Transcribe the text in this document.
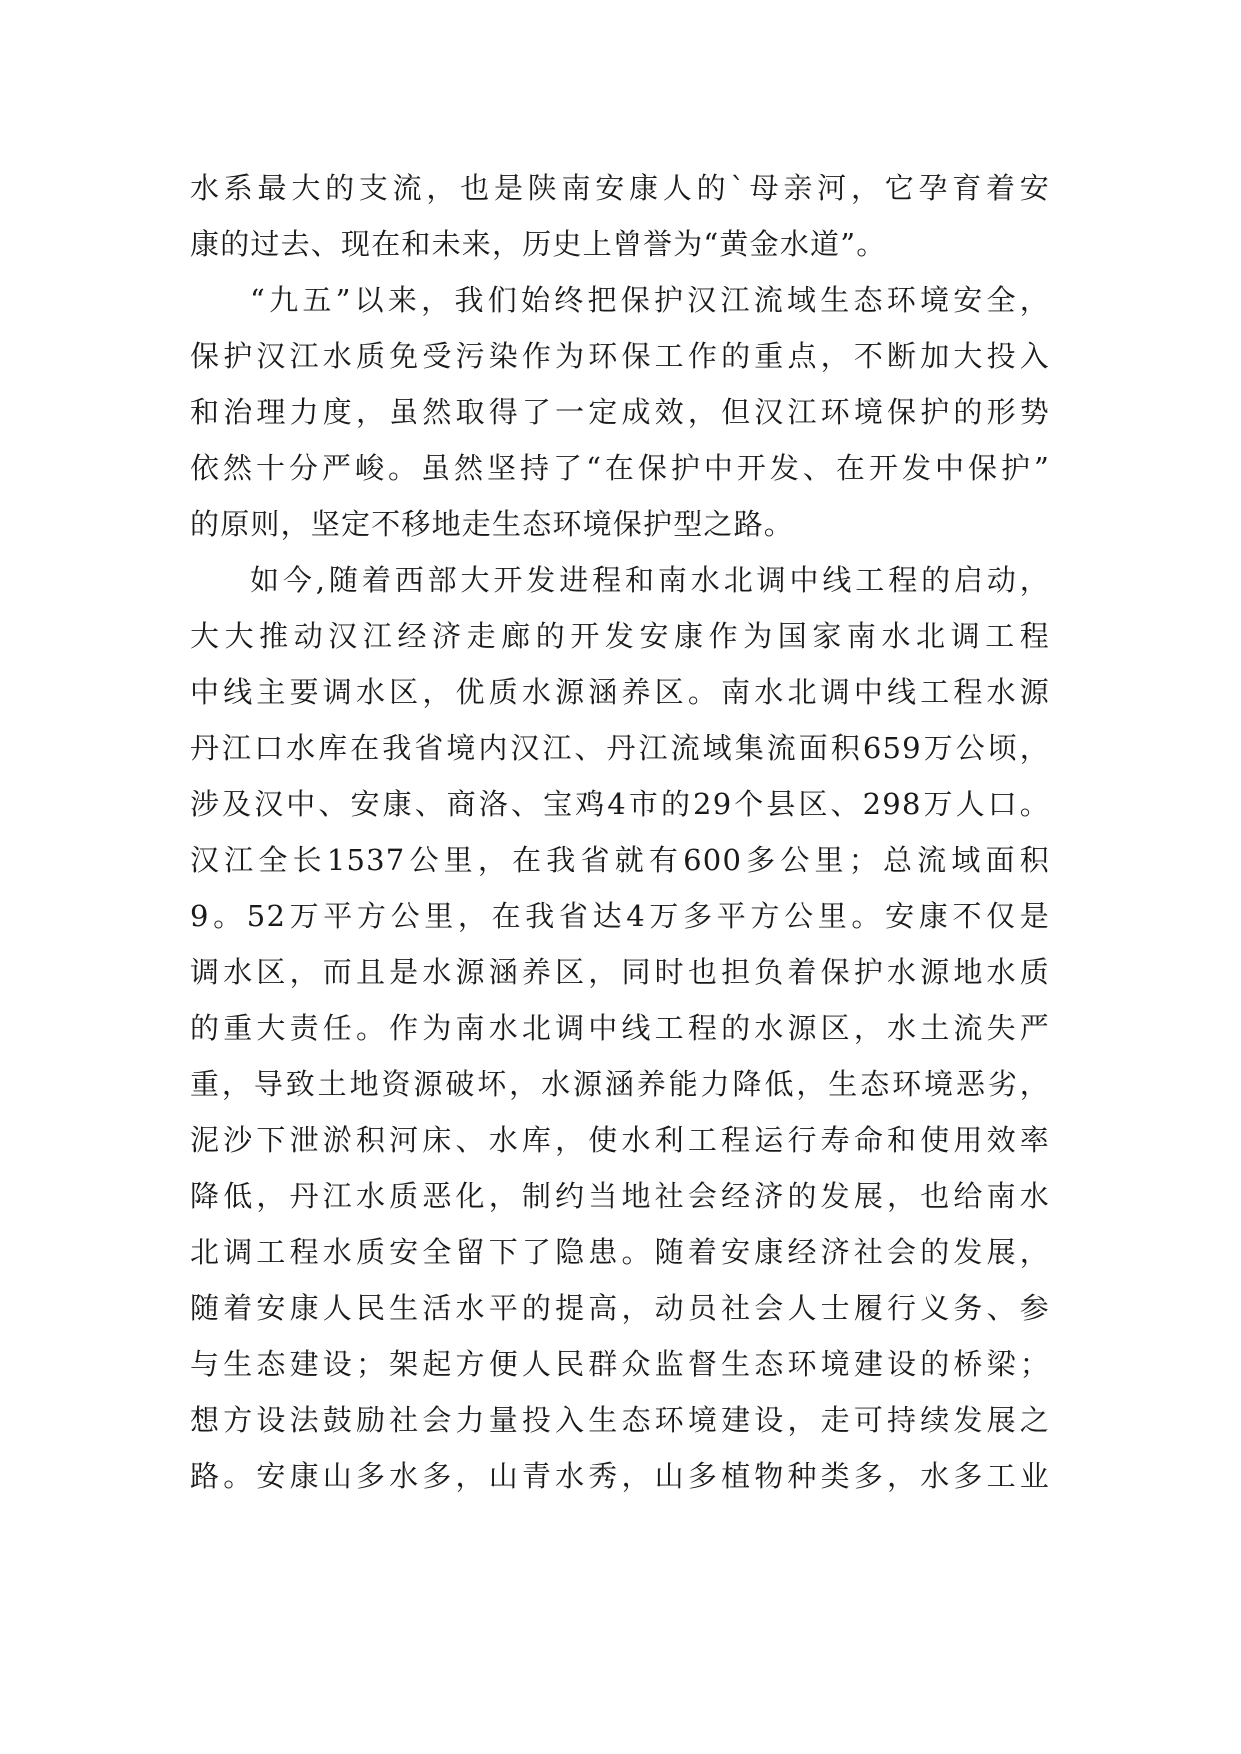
水系最大的支流，也是陕南安康人的`母亲河，它孕育着安
康的过去、现在和未来，历史上曾誉为“黄金水道”。
“九五”以来，我们始终把保护汉江流域生态环境安全，
保护汉江水质免受污染作为环保工作的重点，不断加大投入
和治理力度，虽然取得了一定成效，但汉江环境保护的形势
依然十分严峻。虽然坚持了“在保护中开发、在开发中保护”
的原则，坚定不移地走生态环境保护型之路。
如今,随着西部大开发进程和南水北调中线工程的启动，
大大推动汉江经济走廊的开发安康作为国家南水北调工程
中线主要调水区，优质水源涵养区。南水北调中线工程水源
丹江口水库在我省境内汉江、丹江流域集流面积659万公顷，
涉及汉中、安康、商洛、宝鸡4市的29个县区、298万人口。
汉江全长1537公里，在我省就有600多公里；总流域面积
9。52万平方公里，在我省达4万多平方公里。安康不仅是
调水区，而且是水源涵养区，同时也担负着保护水源地水质
的重大责任。作为南水北调中线工程的水源区，水土流失严
重，导致土地资源破坏，水源涵养能力降低，生态环境恶劣，
泥沙下泄淤积河床、水库，使水利工程运行寿命和使用效率
降低，丹江水质恶化，制约当地社会经济的发展，也给南水
北调工程水质安全留下了隐患。随着安康经济社会的发展，
随着安康人民生活水平的提高，动员社会人士履行义务、参
与生态建设；架起方便人民群众监督生态环境建设的桥梁；
想方设法鼓励社会力量投入生态环境建设，走可持续发展之
路。安康山多水多，山青水秀，山多植物种类多，水多工业
